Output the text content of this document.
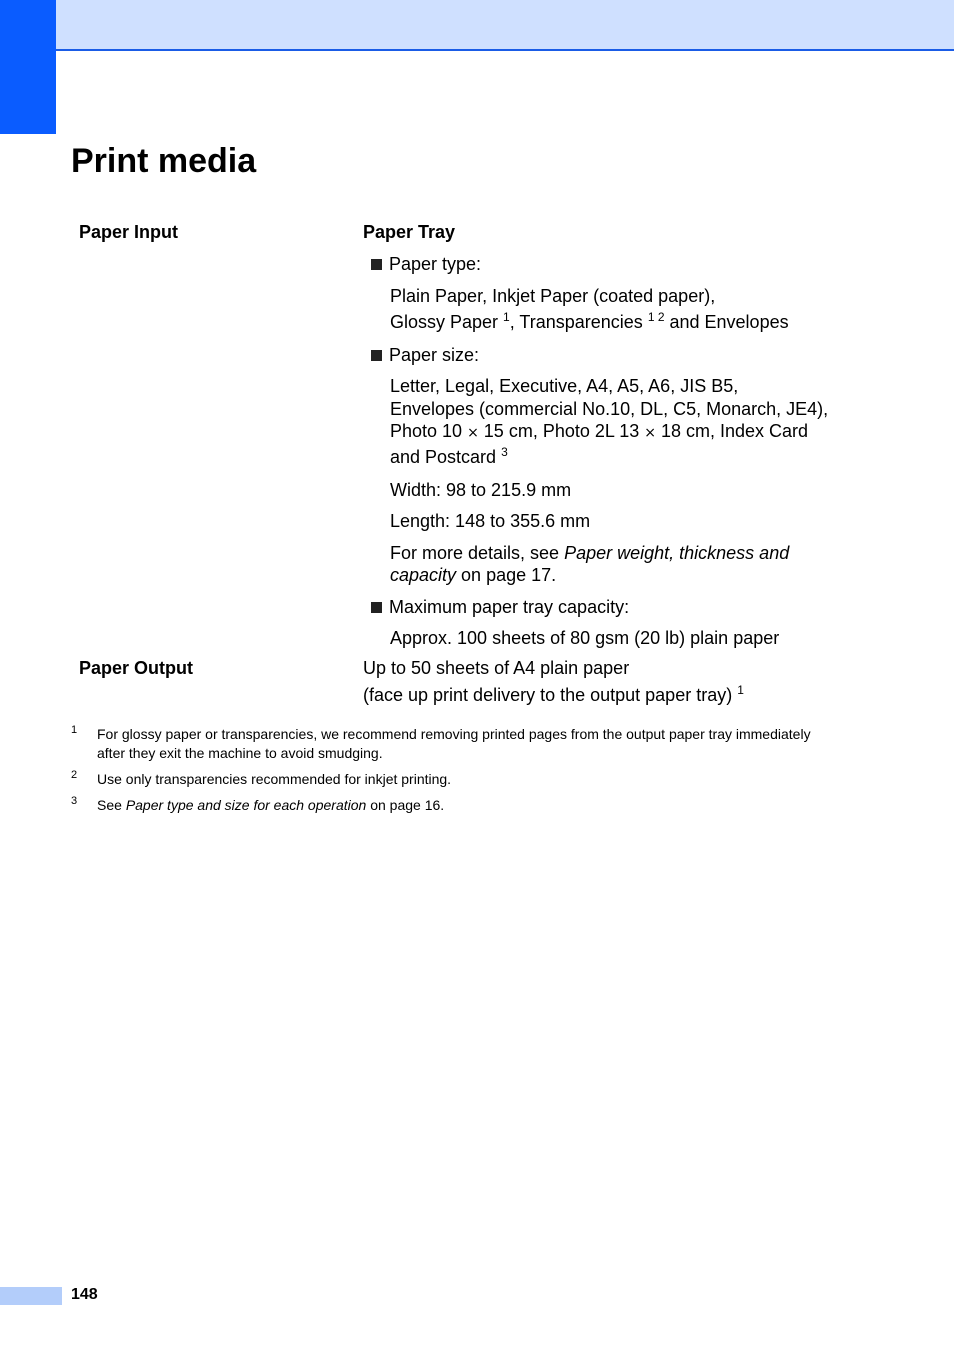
Print media
Paper Input	Paper Tray
Paper type:
Plain Paper, Inkjet Paper (coated paper),
Glossy Paper $^1$, Transparencies $^{1 2}$ and Envelopes
Paper size:
Letter, Legal, Executive, A4, A5, A6, JIS B5,
Envelopes (commercial No.10, DL, C5, Monarch, JE4),
Photo 10 × 15 cm, Photo 2L 13 × 18 cm, Index Card
and Postcard $^3$
Width: 98 to 215.9 mm
Length: 148 to 355.6 mm
For more details, see Paper weight, thickness and
capacity on page 17.
Maximum paper tray capacity:
Approx. 100 sheets of 80 gsm (20 lb) plain paper
Paper Output	Up to 50 sheets of A4 plain paper
(face up print delivery to the output paper tray) $^1$
1 For glossy paper or transparencies, we recommend removing printed pages from the output paper tray immediately
after they exit the machine to avoid smudging.
2 Use only transparencies recommended for inkjet printing.
3 See Paper type and size for each operation on page 16.
148
